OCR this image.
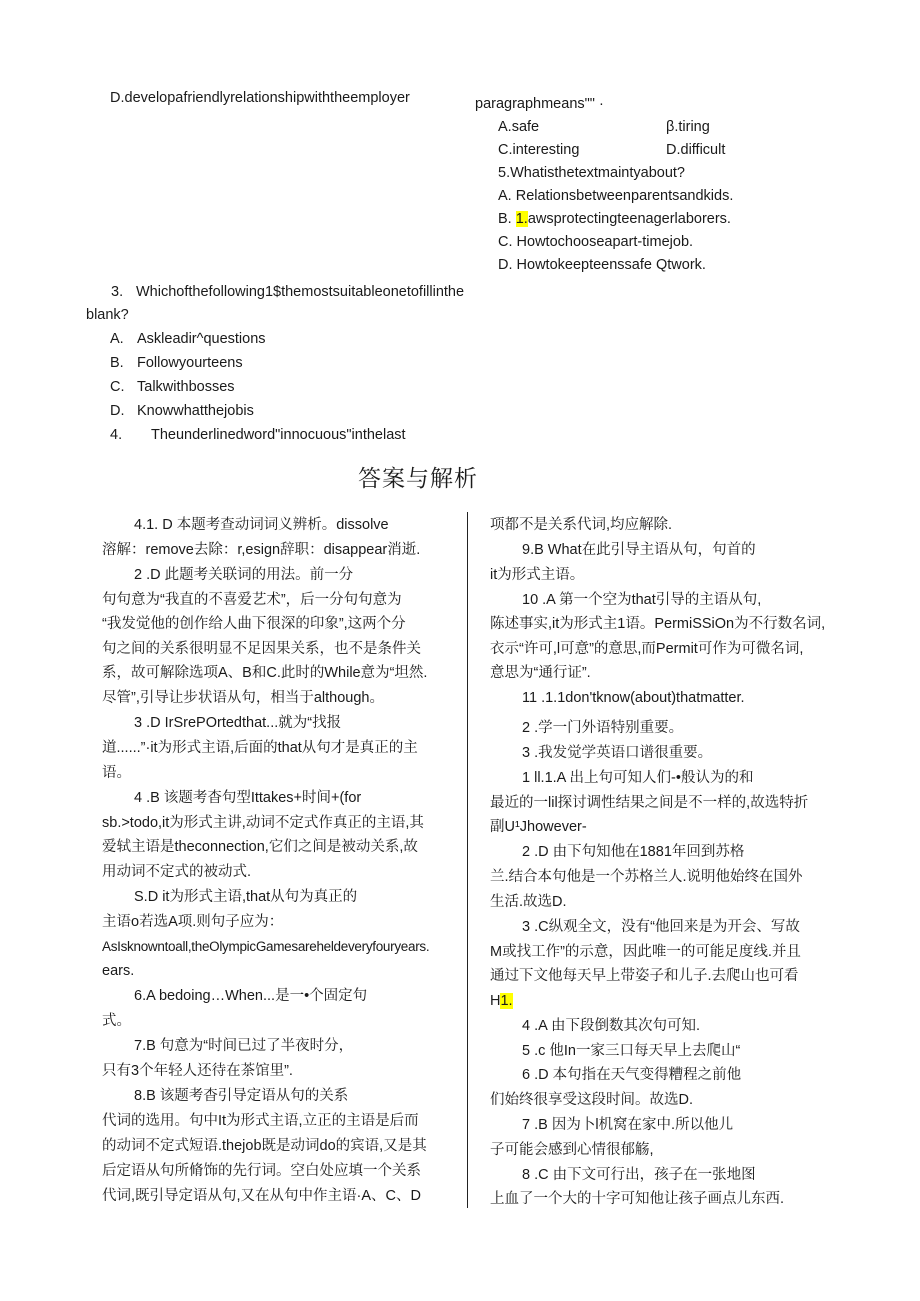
D.developafriendlyrelationshipwiththeemployer
3. Whichofthefollowing1$themostsuitableonetofillinthe
blank?
A. Askleadir^questions
B. Followyourteens
C. Talkwithbosses
D. Knowwhatthejobis
4. Theunderlinedword"innocuous"inthelast
paragraphmeans"" ·
A.safe	β.tiring
C.interesting	D.difficult
5.Whatisthetextmaintyabout?
A. Relationsbetweenparentsandkids.
B. 1.awsprotectingteenagerlaborers.
C. Howtochooseapart-timejob.
D. Howtokeepteenssafe Qtwork.
答案与解析
4.1. D 本题考查动词词义辨析。dissolve
溶解：remove去除：r,esign辞职：disappear消逝.
2 .D 此题考关联词的用法。前一分
句句意为“我直的不喜爱艺术”，后一分句句意为
“我发觉他的创作给人曲下很深的印象”,这两个分
句之间的关系很明显不足因果关系，也不是条件关
系，故可解除选项A、B和C.此时的While意为“坦然.
尽管”,引导让步状语从句，相当于although。
3 .D IrSrePOrtedthat...就为“找报
道......”·it为形式主语,后面的that从句才是真正的主
语。
4 .B 该题考杳句型Ittakes+时间+(for
sb.>todo,it为形式主讲,动词不定式作真正的主语,其
爱轼主语是theconnection,它们之间是被动关系,故
用动词不定式的被动式.
S.D it为形式主语,that从句为真正的
主语o若选A项.则句子应为：
AsIsknowntoall,theOlympicGamesareheldeveryfouryears.
ears.
6.A bedoing…When...是一•个固定句
式。
7.B 句意为“时间已过了半夜时分，
只有3个年轻人还待在茶馆里”.
8.B 该题考杳引导定语从句的关系
代词的选用。句中It为形式主语,立正的主语是后而
的动词不定式短语.thejob既是动词do的宾语,又是其
后定语从句所脩饰的先行词。空白处应填一个关系
代词,既引导定语从句,又在从句中作主语·A、C、D
项都不是关系代词,均应解除.
9.B What在此引导主语从句，句首的
it为形式主语。
10 .A 第一个空为that引导的主语从句,
陈述事实,it为形式主1语。PermiSSiOn为不行数名词,
衣示“许可,l可意”的意思,而Permit可作为可微名词,
意思为“通行证”.
11 .1.1don'tknow(about)thatmatter.
2 .学一门外语特别重要。
3 .我发觉学英语口谱很重要。
1 ll.1.A 出上句可知人们-•般认为的和
最近的一lil探讨调性结果之间是不一样的,故选特折
副U¹Jhowever-
2 .D 由下句知他在1881年回到苏格
兰.结合本句他是一个苏格兰人.说明他始终在国外
生活.故选D.
3 .C纵观全文，没有“他回来是为开会、写故
M或找工作”的示意，因此唯一的可能足度线.并且
通过下文他每天早上带姿子和儿子.去爬山也可看
H1.
4 .A 由下段倒数其次句可知.
5 .c 他In一家三口每天早上去爬山“
6 .D 本句指在天气变得糟程之前他
们始终很享受这段时间。故选D.
7 .B 因为卜l机窝在家中.所以他儿
子可能会感到心情很郁觞,
8 .C 由下文可行出，孩子在一张地图
上血了一个大的十字可知他让孩子画点儿东西.
